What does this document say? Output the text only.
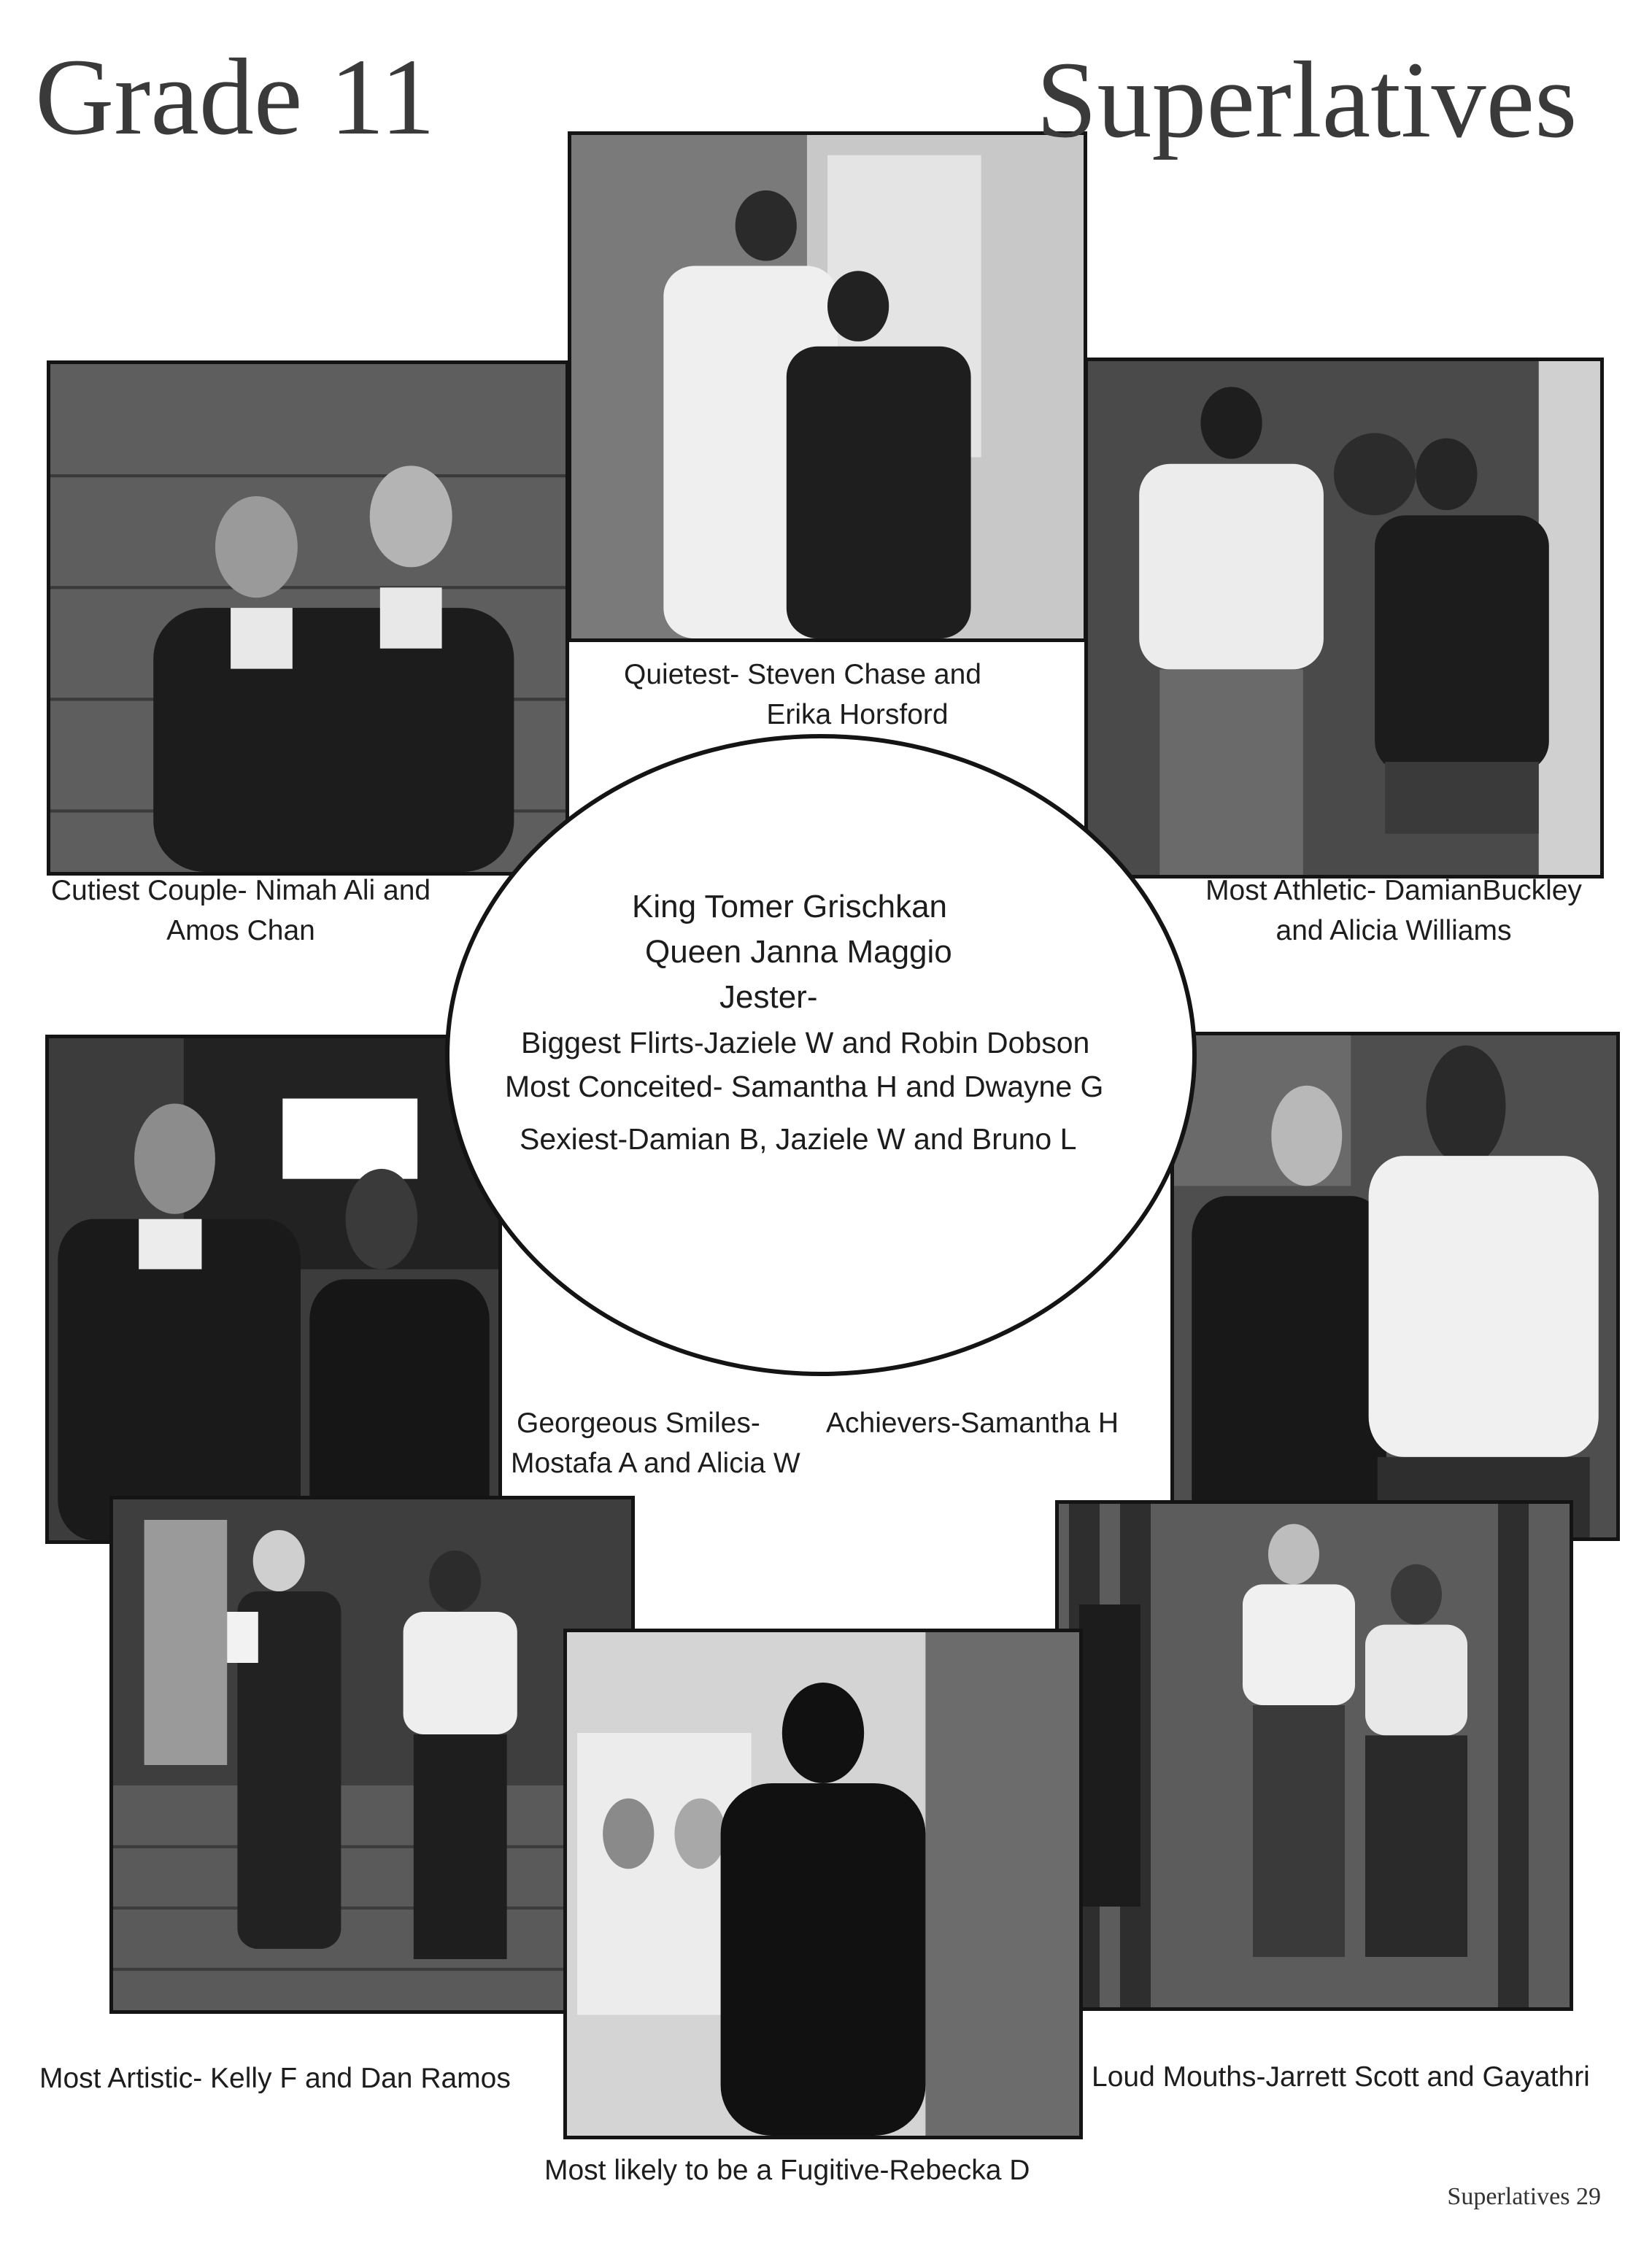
Grade 11	Superlatives
Quietest- Steven Chase and
Erika Horsford
Cutiest Couple- Nimah Ali and
Amos Chan
Most Athletic- DamianBuckley
and Alicia Williams
Georgeous Smiles-
Mostafa A and Alicia W
Achievers-Samantha H
Most Artistic- Kelly F and Dan Ramos	Loud Mouths-Jarrett Scott and Gayathri
Most likely to be a Fugitive-Rebecka D
King Tomer Grischkan
Queen Janna Maggio
Jester-
Biggest Flirts-Jaziele W and Robin Dobson
Most Conceited- Samantha H and Dwayne G
Sexiest-Damian B, Jaziele W and Bruno L
Superlatives 29
